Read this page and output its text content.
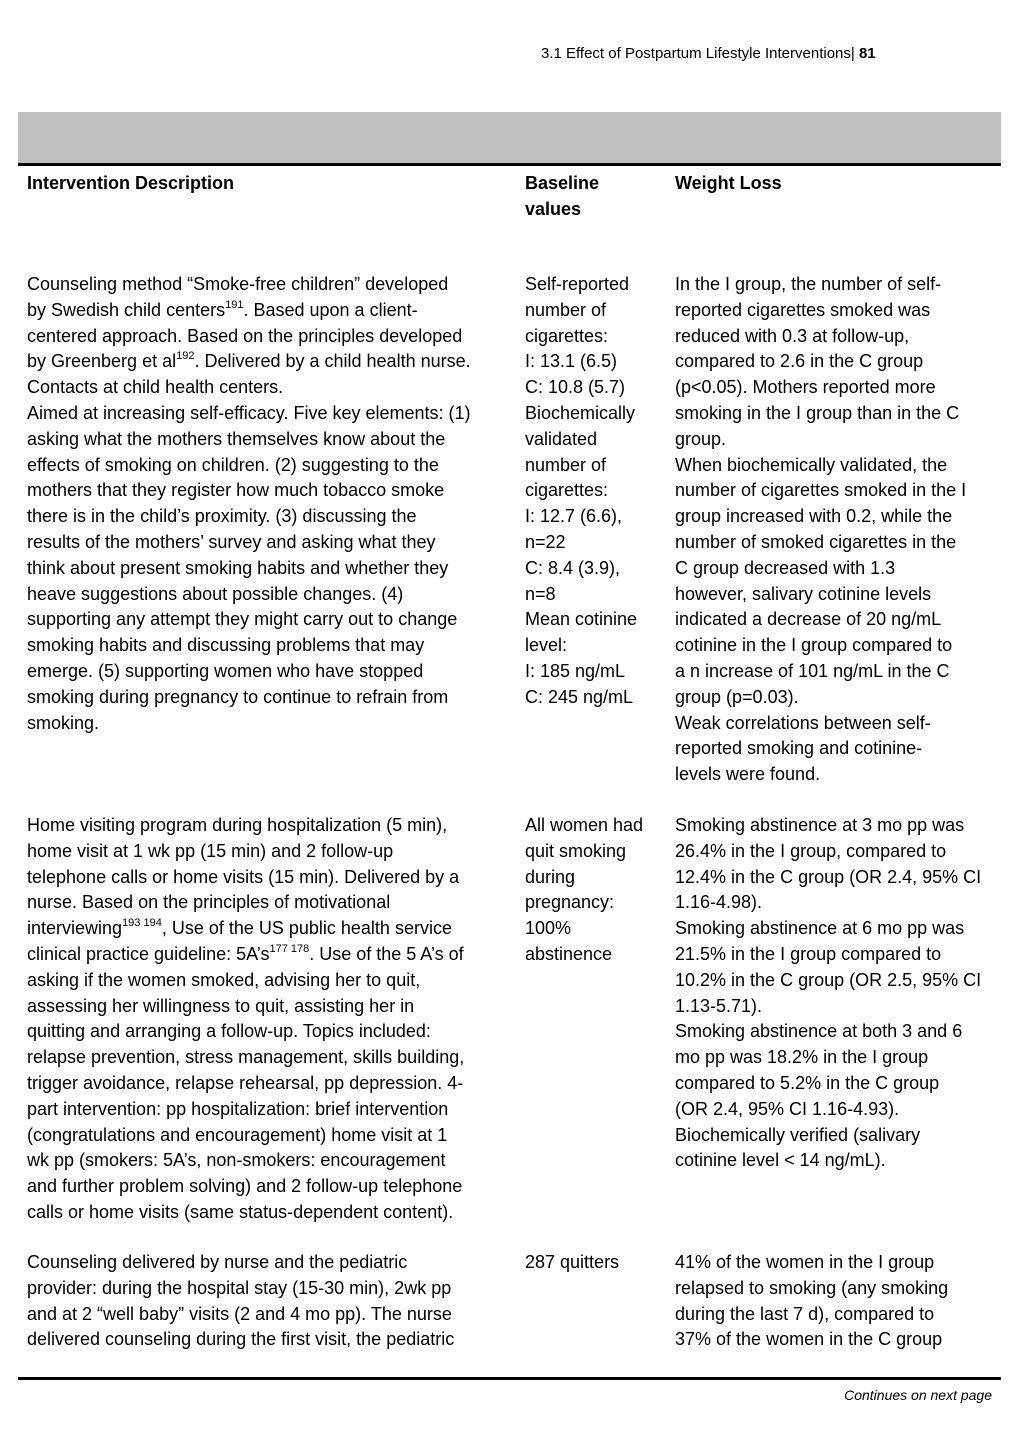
3.1 Effect of Postpartum Lifestyle Interventions| 81
Intervention Description	Baseline
values
Weight Loss
Counseling method “Smoke-free children” developed
by Swedish child centers$^{191}$. Based upon a client-
centered approach. Based on the principles developed
by Greenberg et $al^{192}$. Delivered by a child health nurse.
Contacts at child health centers.
Aimed at increasing self-efficacy. Five key elements: (1)
asking what the mothers themselves know about the
effects of smoking on children. (2) suggesting to the
mothers that they register how much tobacco smoke
there is in the child’s proximity. (3) discussing the
results of the mothers’ survey and asking what they
think about present smoking habits and whether they
heave suggestions about possible changes. (4)
supporting any attempt they might carry out to change
smoking habits and discussing problems that may
emerge. (5) supporting women who have stopped
smoking during pregnancy to continue to refrain from
smoking.
Self-reported
number of
cigarettes:
I: 13.1 (6.5)
C: 10.8 (5.7)
Biochemically
validated
number of
cigarettes:
I: 12.7 (6.6),
n=22
C: 8.4 (3.9),
n=8
Mean cotinine
level:
I: 185 ng/mL
C: 245 ng/mL
In the I group, the number of self-
reported cigarettes smoked was
reduced with 0.3 at follow-up,
compared to 2.6 in the C group
(p<0.05). Mothers reported more
smoking in the I group than in the C
group.
When biochemically validated, the
number of cigarettes smoked in the I
group increased with 0.2, while the
number of smoked cigarettes in the
C group decreased with 1.3
however, salivary cotinine levels
indicated a decrease of 20 ng/mL
cotinine in the I group compared to
a n increase of 101 ng/mL in the C
group (p=0.03).
Weak correlations between self-
reported smoking and cotinine-
levels were found.
Home visiting program during hospitalization (5 min),
home visit at 1 wk pp (15 min) and 2 follow-up
telephone calls or home visits (15 min). Delivered by a
nurse. Based on the principles of motivational
interviewing$^{193 194}$, Use of the US public health service
clinical practice guideline: $5A’s^{177 178}$. Use of the 5 A’s of
asking if the women smoked, advising her to quit,
assessing her willingness to quit, assisting her in
quitting and arranging a follow-up. Topics included:
relapse prevention, stress management, skills building,
trigger avoidance, relapse rehearsal, pp depression. 4-
part intervention: pp hospitalization: brief intervention
(congratulations and encouragement) home visit at 1
wk pp (smokers: 5A’s, non-smokers: encouragement
and further problem solving) and 2 follow-up telephone
calls or home visits (same status-dependent content).
All women had
quit smoking
during
pregnancy:
100%
abstinence
Smoking abstinence at 3 mo pp was
26.4% in the I group, compared to
12.4% in the C group (OR 2.4, 95% CI
1.16-4.98).
Smoking abstinence at 6 mo pp was
21.5% in the I group compared to
10.2% in the C group (OR 2.5, 95% CI
1.13-5.71).
Smoking abstinence at both 3 and 6
mo pp was 18.2% in the I group
compared to 5.2% in the C group
(OR 2.4, 95% CI 1.16-4.93).
Biochemically verified (salivary
cotinine level < 14 ng/mL).
Counseling delivered by nurse and the pediatric
provider: during the hospital stay (15-30 min), 2wk pp
and at 2 “well baby” visits (2 and 4 mo pp). The nurse
delivered counseling during the first visit, the pediatric
287 quitters	41% of the women in the I group
relapsed to smoking (any smoking
during the last 7 d), compared to
37% of the women in the C group
Continues on next page
